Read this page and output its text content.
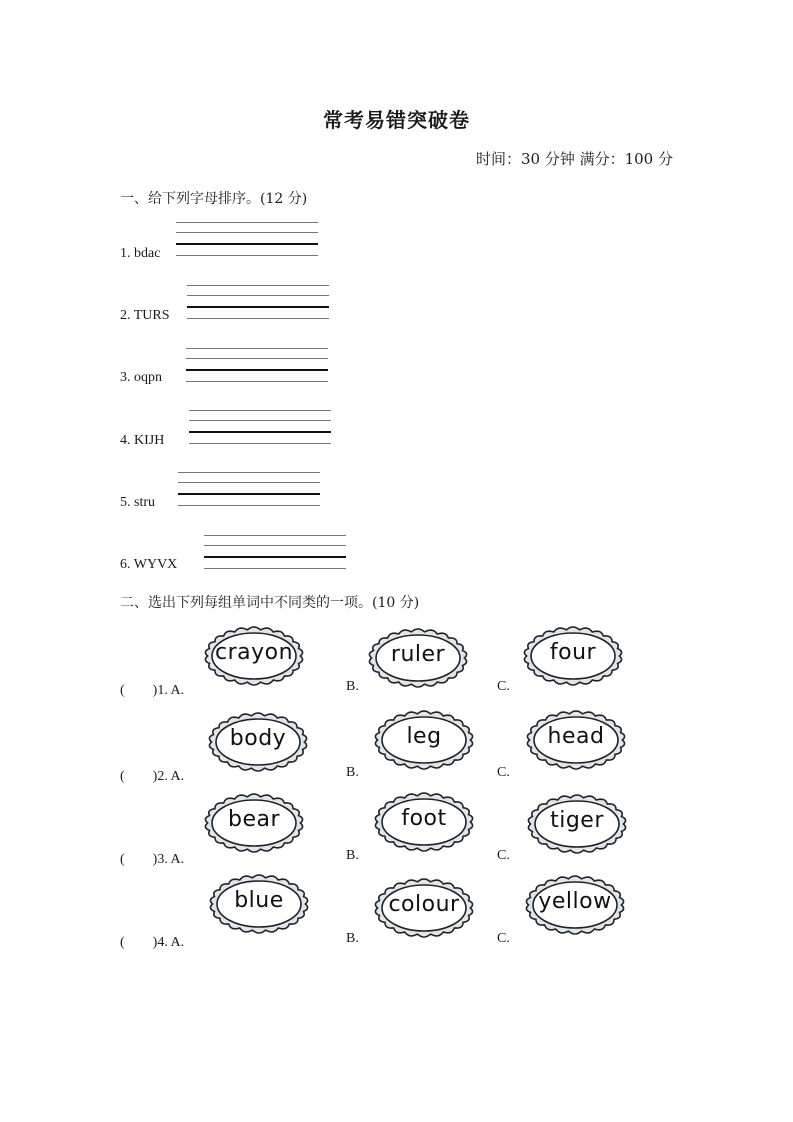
常考易错突破卷
时间：30 分钟 满分：100 分
一、给下列字母排序。(12 分)
1. bdac
2. TURS
3. oqpn
4. KIJH
5. stru
6. WYVX
二、选出下列每组单词中不同类的一项。(10 分)
(　　)1. A.	B.	C.
crayon	ruler	four
(　　)2. A.	B.	C.
body	leg	head
(　　)3. A.	B.	C.
bear	foot	tiger
(　　)4. A.	B.	C.
blue	colour	yellow
